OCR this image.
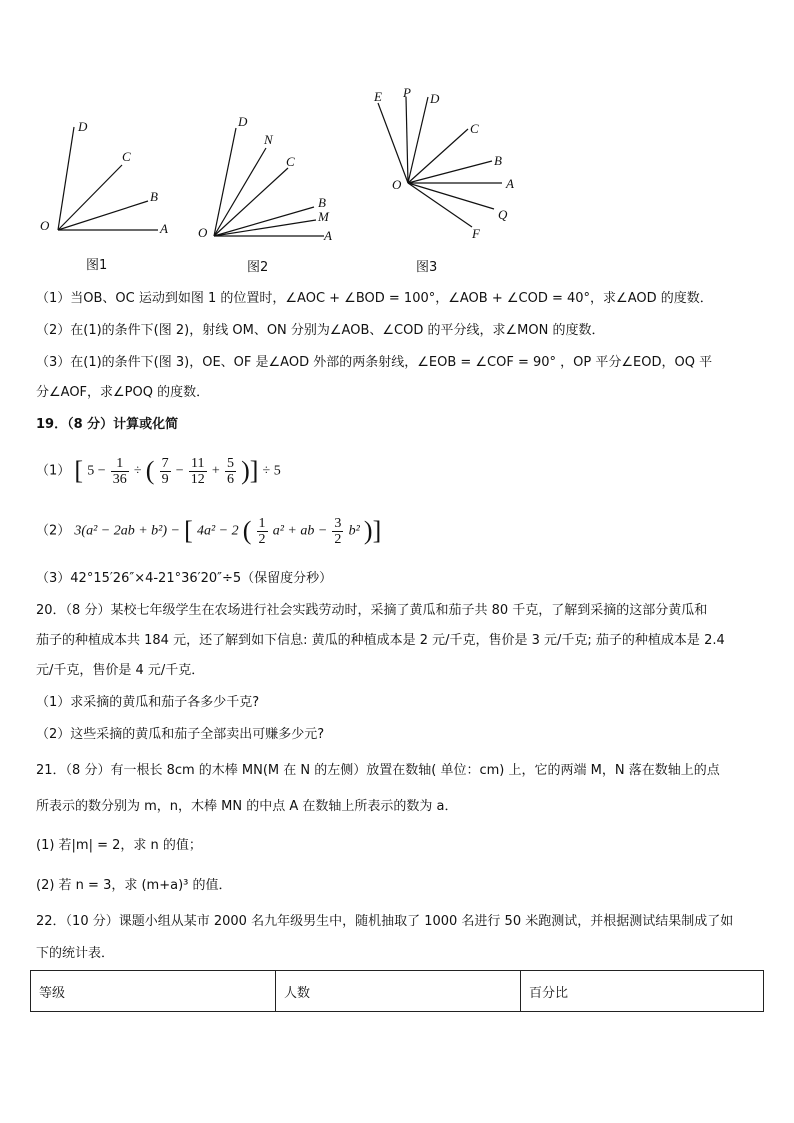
D
C
B
O	A
图1
D
N
C
B
M
O	A
图2
E P D
C
B
O	A
Q
F
图3
（1）当OB、OC 运动到如图 1 的位置时，∠AOC + ∠BOD = 100°，∠AOB + ∠COD = 40°，求∠AOD 的度数．
（2）在(1)的条件下(图 2)，射线 OM、ON 分别为∠AOB、∠COD 的平分线，求∠MON 的度数．
（3）在(1)的条件下(图 3)，OE、OF 是∠AOD 外部的两条射线，∠EOB = ∠COF = 90° ，OP 平分∠EOD，OQ 平
分∠AOF，求∠POQ 的度数．
19．（8 分）计算或化简
（1） [ $5 - \frac{1}{36}$ ÷ ( $\frac{7}{9} - \frac{11}{12} + \frac{5}{6}$ )] ÷ 5
（2） 3(a² − 2ab + b²) − [ 4a² − 2 ( $\frac{1}{2} a^2$ + ab − $\frac{3}{2} b^2$ )]
（3）42°15′26″×4-21°36′20″÷5（保留度分秒）
20．（8 分）某校七年级学生在农场进行社会实践劳动时，采摘了黄瓜和茄子共 80 千克，了解到采摘的这部分黄瓜和
茄子的种植成本共 184 元，还了解到如下信息: 黄瓜的种植成本是 2 元/千克，售价是 3 元/千克; 茄子的种植成本是 2.4
元/千克，售价是 4 元/千克．
（1）求采摘的黄瓜和茄子各多少千克?
（2）这些采摘的黄瓜和茄子全部卖出可赚多少元?
21．（8 分）有一根长 8cm 的木棒 MN(M 在 N 的左侧）放置在数轴( 单位：cm) 上，它的两端 M，N 落在数轴上的点
所表示的数分别为 m，n，木棒 MN 的中点 A 在数轴上所表示的数为 a．
(1) 若|m| = 2，求 n 的值；
(2) 若 n = 3，求 (m+a)³ 的值．
22．（10 分）课题小组从某市 2000 名九年级男生中，随机抽取了 1000 名进行 50 米跑测试，并根据测试结果制成了如
下的统计表．
等级	人数	百分比
